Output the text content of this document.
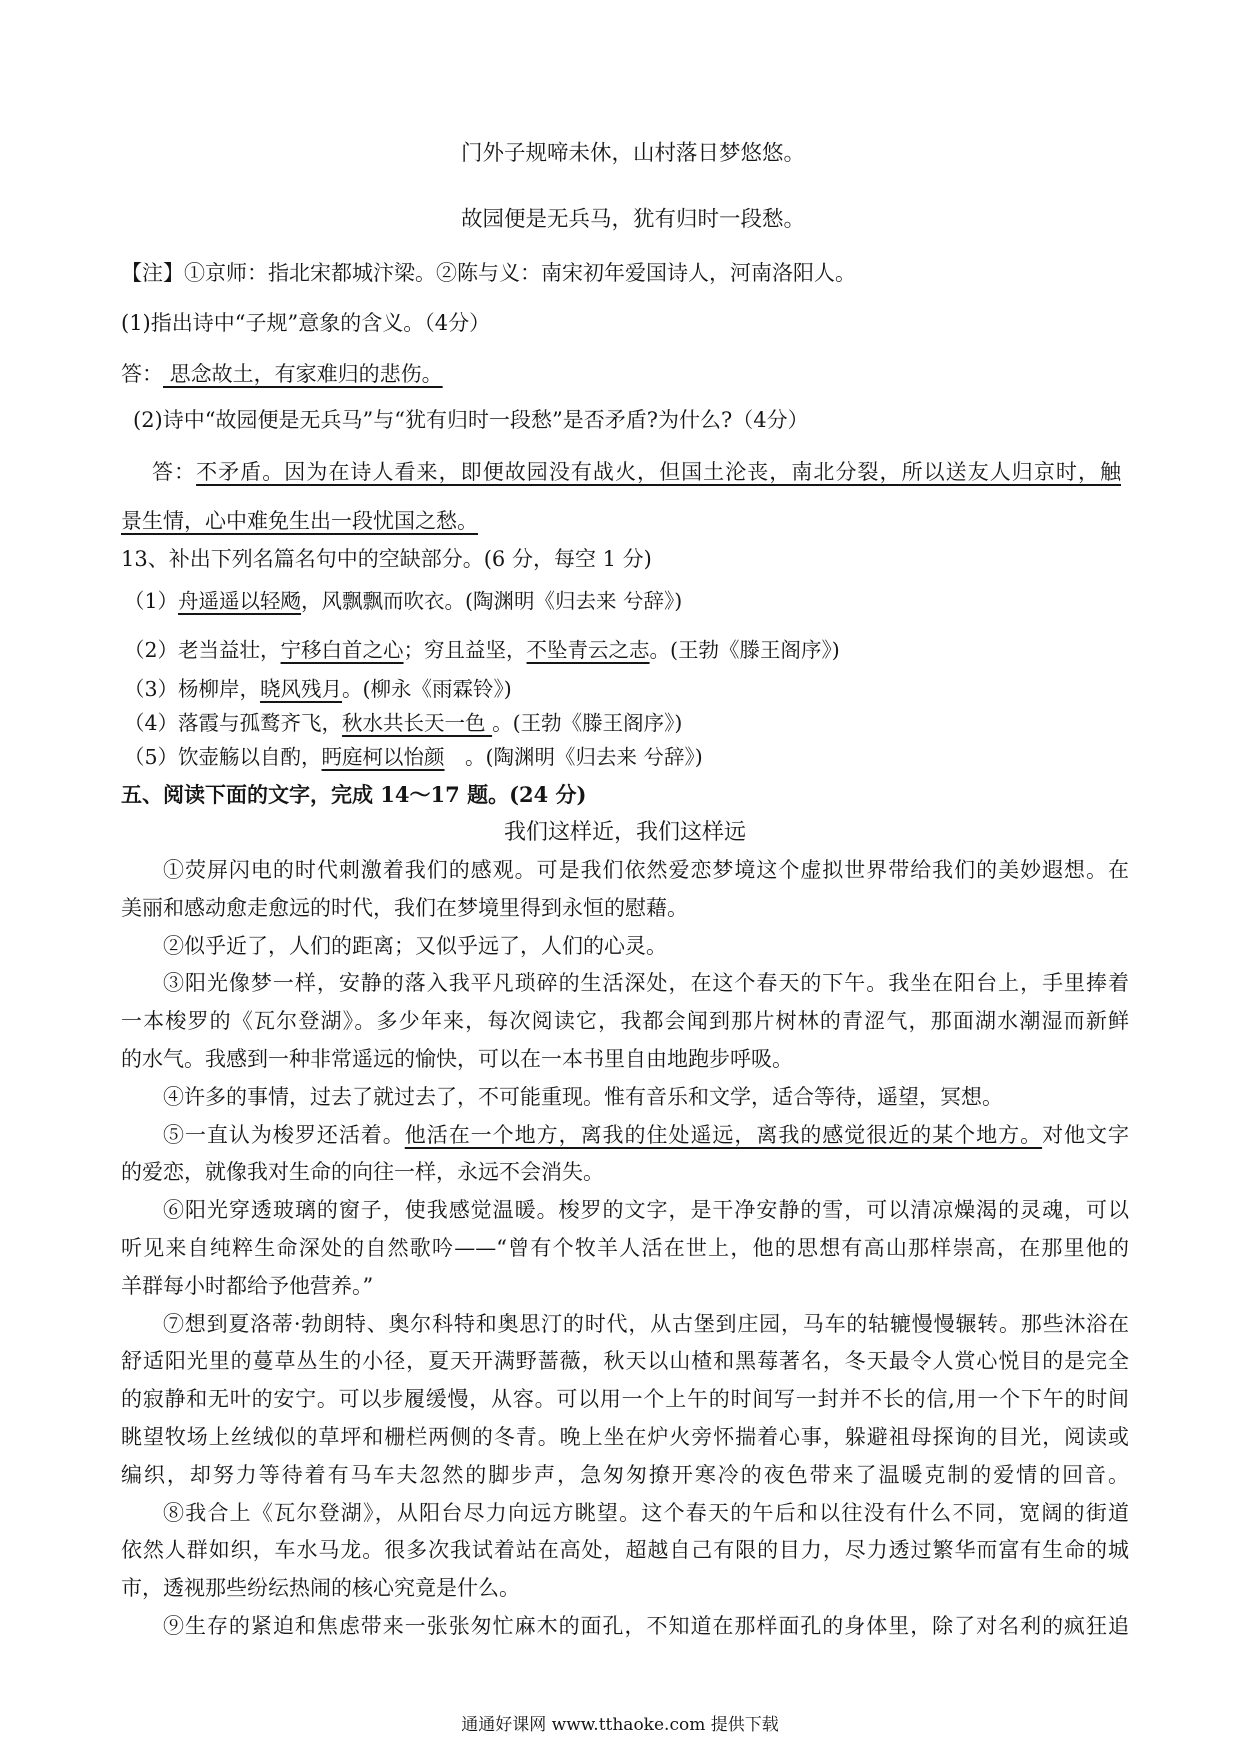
门外子规啼未休，山村落日梦悠悠。
故园便是无兵马，犹有归时一段愁。
【注】①京师：指北宋都城汴梁。②陈与义：南宋初年爱国诗人，河南洛阳人。
(1)指出诗中“子规”意象的含义。（4分）
答： 思念故土，有家难归的悲伤。
(2)诗中“故园便是无兵马”与“犹有归时一段愁”是否矛盾?为什么?（4分）
答：不矛盾。因为在诗人看来，即便故园没有战火，但国土沦丧，南北分裂，所以送友人归京时，触
景生情，心中难免生出一段忧国之愁。
13、补出下列名篇名句中的空缺部分。(6 分，每空 1 分)
（1）舟遥遥以轻飏，风飘飘而吹衣。(陶渊明《归去来 兮辞》)
（2）老当益壮，宁移白首之心；穷且益坚，不坠青云之志。(王勃《滕王阁序》)
（3）杨柳岸，晓风残月。(柳永《雨霖铃》)
（4）落霞与孤鹜齐飞，秋水共长天一色 。(王勃《滕王阁序》)
（5）饮壶觞以自酌，眄庭柯以怡颜　。(陶渊明《归去来 兮辞》)
五、阅读下面的文字，完成 14～17 题。(24 分)
我们这样近，我们这样远
①荧屏闪电的时代刺激着我们的感观。可是我们依然爱恋梦境这个虚拟世界带给我们的美妙遐想。在
美丽和感动愈走愈远的时代，我们在梦境里得到永恒的慰藉。
②似乎近了，人们的距离；又似乎远了，人们的心灵。
③阳光像梦一样，安静的落入我平凡琐碎的生活深处，在这个春天的下午。我坐在阳台上，手里捧着
一本梭罗的《瓦尔登湖》。多少年来，每次阅读它，我都会闻到那片树林的青涩气，那面湖水潮湿而新鲜
的水气。我感到一种非常遥远的愉快，可以在一本书里自由地跑步呼吸。
④许多的事情，过去了就过去了，不可能重现。惟有音乐和文学，适合等待，遥望，冥想。
⑤一直认为梭罗还活着。他活在一个地方，离我的住处遥远，离我的感觉很近的某个地方。对他文字
的爱恋，就像我对生命的向往一样，永远不会消失。
⑥阳光穿透玻璃的窗子，使我感觉温暖。梭罗的文字，是干净安静的雪，可以清凉燥渴的灵魂，可以
听见来自纯粹生命深处的自然歌吟——“曾有个牧羊人活在世上，他的思想有高山那样崇高，在那里他的
羊群每小时都给予他营养。”
⑦想到夏洛蒂·勃朗特、奥尔科特和奥思汀的时代，从古堡到庄园，马车的轱辘慢慢辗转。那些沐浴在
舒适阳光里的蔓草丛生的小径，夏天开满野蔷薇，秋天以山楂和黑莓著名，冬天最令人赏心悦目的是完全
的寂静和无叶的安宁。可以步履缓慢，从容。可以用一个上午的时间写一封并不长的信,用一个下午的时间
眺望牧场上丝绒似的草坪和栅栏两侧的冬青。晚上坐在炉火旁怀揣着心事，躲避祖母探询的目光，阅读或
编织，却努力等待着有马车夫忽然的脚步声，急匆匆撩开寒冷的夜色带来了温暖克制的爱情的回音。
⑧我合上《瓦尔登湖》，从阳台尽力向远方眺望。这个春天的午后和以往没有什么不同，宽阔的街道
依然人群如织，车水马龙。很多次我试着站在高处，超越自己有限的目力，尽力透过繁华而富有生命的城
市，透视那些纷纭热闹的核心究竟是什么。
⑨生存的紧迫和焦虑带来一张张匆忙麻木的面孔，不知道在那样面孔的身体里，除了对名利的疯狂追
通通好课网 www.tthaoke.com 提供下载
